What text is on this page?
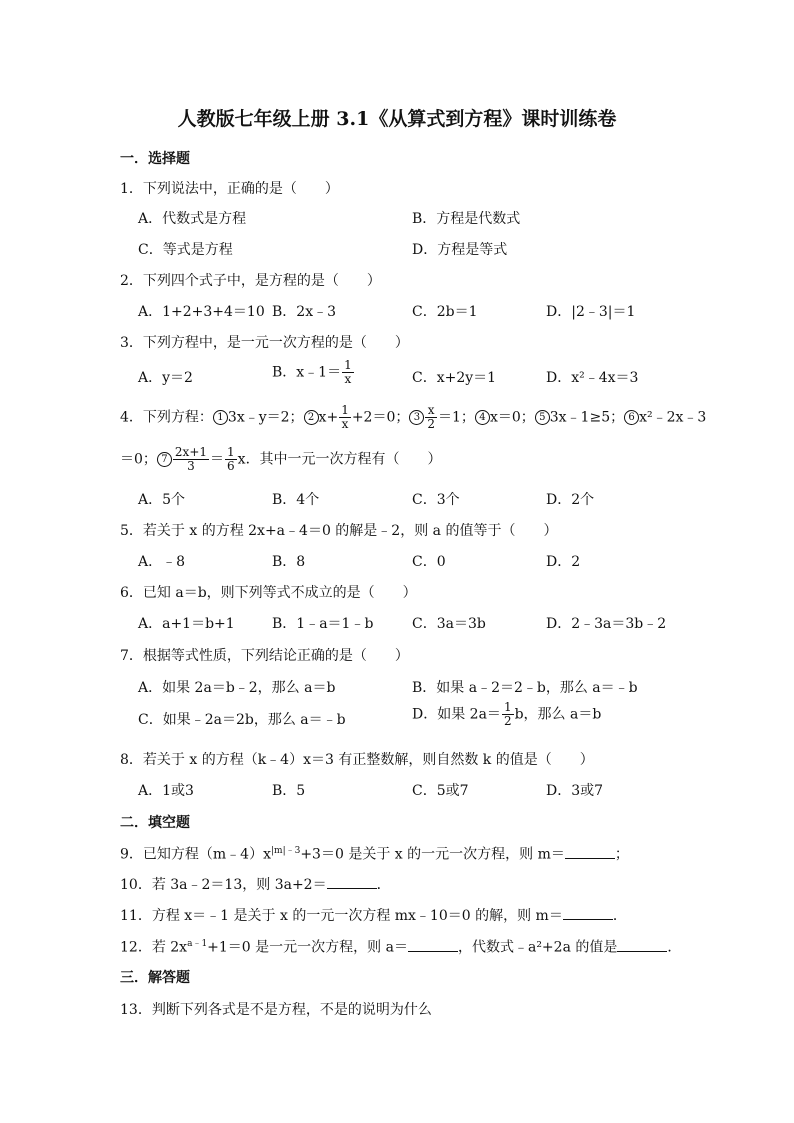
人教版七年级上册 3.1《从算式到方程》课时训练卷
一．选择题
1．下列说法中，正确的是（　　）
A．代数式是方程	B．方程是代数式
C．等式是方程	D．方程是等式
2．下列四个式子中，是方程的是（　　）
A．1+2+3+4＝10 B．2x﹣3	C．2b＝1	D．|2﹣3|＝1
3．下列方程中，是一元一次方程的是（　　）
A．y＝2	B．x﹣1＝ $\frac{1}{x}$	C．x+2y＝1	D．x²﹣4x＝3
4．下列方程： 1 3x﹣y＝2； 2 $x+ \frac{1}{x} +2=0$； $3 \frac{x}{2} =1$； 4 x＝0； 5 3x﹣1≥5； 6 x²﹣2x﹣3
＝0； $7 \frac{2x+1}{3} = \frac{1}{6}$ x．其中一元一次方程有（　　）
A．5个	B．4个	C．3个	D．2个
5．若关于 x 的方程 2x+a﹣4＝0 的解是﹣2，则 a 的值等于（　　）
A．﹣8	B．8	C．0	D．2
6．已知 a＝b，则下列等式不成立的是（　　）
A．a+1＝b+1	B．1﹣a＝1﹣b	C．3a＝3b	D．2﹣3a＝3b﹣2
7．根据等式性质，下列结论正确的是（　　）
A．如果 2a＝b﹣2，那么 a＝b	B．如果 a﹣2＝2﹣b，那么 a＝﹣b
C．如果﹣2a＝2b，那么 a＝﹣b	D．如果 $2a= \frac{1}{2}$ b，那么 a＝b
8．若关于 x 的方程（k﹣4）x＝3 有正整数解，则自然数 k 的值是（　　）
A．1或3	B．5	C．5或7	D．3或7
二．填空题
9．已知方程$(m﹣4)x^{|m|﹣3}+3=0$ 是关于 x 的一元一次方程，则 m＝	；
10．若 3a﹣2＝13，则 3a+2＝	．
11．方程 x＝﹣1 是关于 x 的一元一次方程 mx﹣10＝0 的解，则 m＝	．
12．若 $2x^{a﹣1}+1=0$ 是一元一次方程，则 a＝	，代数式﹣a²+2a 的值是	．
三．解答题
13．判断下列各式是不是方程，不是的说明为什么
